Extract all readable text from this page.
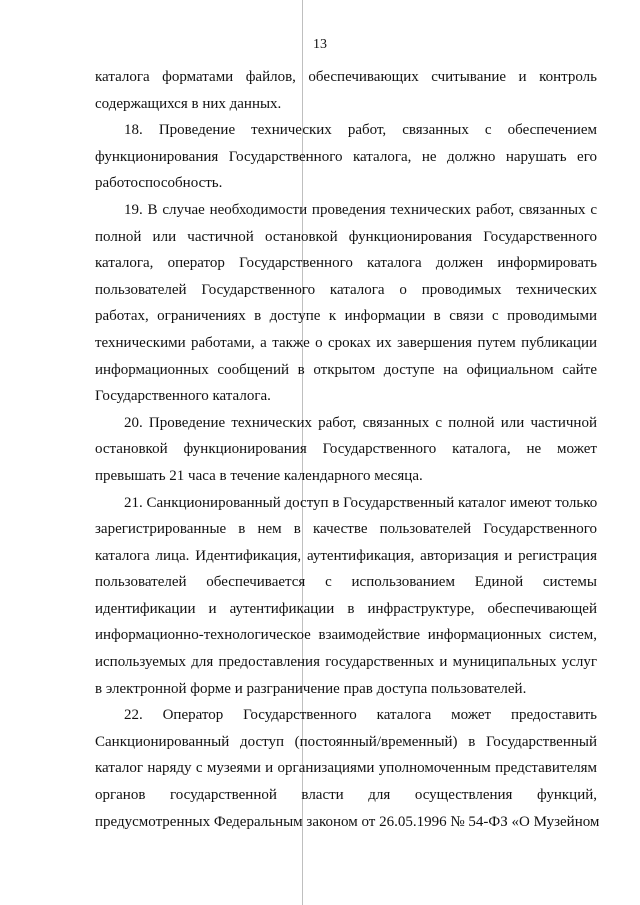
13
каталога форматами файлов, обеспечивающих считывание и контроль
содержащихся в них данных.
18. Проведение технических работ, связанных с обеспечением
функционирования Государственного каталога, не должно нарушать его
работоспособность.
19. В случае необходимости проведения технических работ, связанных с
полной или частичной остановкой функционирования Государственного
каталога, оператор Государственного каталога должен информировать
пользователей Государственного каталога о проводимых технических
работах, ограничениях в доступе к информации в связи с проводимыми
техническими работами, а также о сроках их завершения путем публикации
информационных сообщений в открытом доступе на официальном сайте
Государственного каталога.
20. Проведение технических работ, связанных с полной или частичной
остановкой функционирования Государственного каталога, не может
превышать 21 часа в течение календарного месяца.
21. Санкционированный доступ в Государственный каталог имеют только
зарегистрированные в нем в качестве пользователей Государственного
каталога лица. Идентификация, аутентификация, авторизация и регистрация
пользователей обеспечивается с использованием Единой системы
идентификации и аутентификации в инфраструктуре, обеспечивающей
информационно-технологическое взаимодействие информационных систем,
используемых для предоставления государственных и муниципальных услуг
в электронной форме и разграничение прав доступа пользователей.
22. Оператор Государственного каталога может предоставить
Санкционированный доступ (постоянный/временный) в Государственный
каталог наряду с музеями и организациями уполномоченным представителям
органов государственной власти для осуществления функций,
предусмотренных Федеральным законом от 26.05.1996 № 54-ФЗ «О Музейном
